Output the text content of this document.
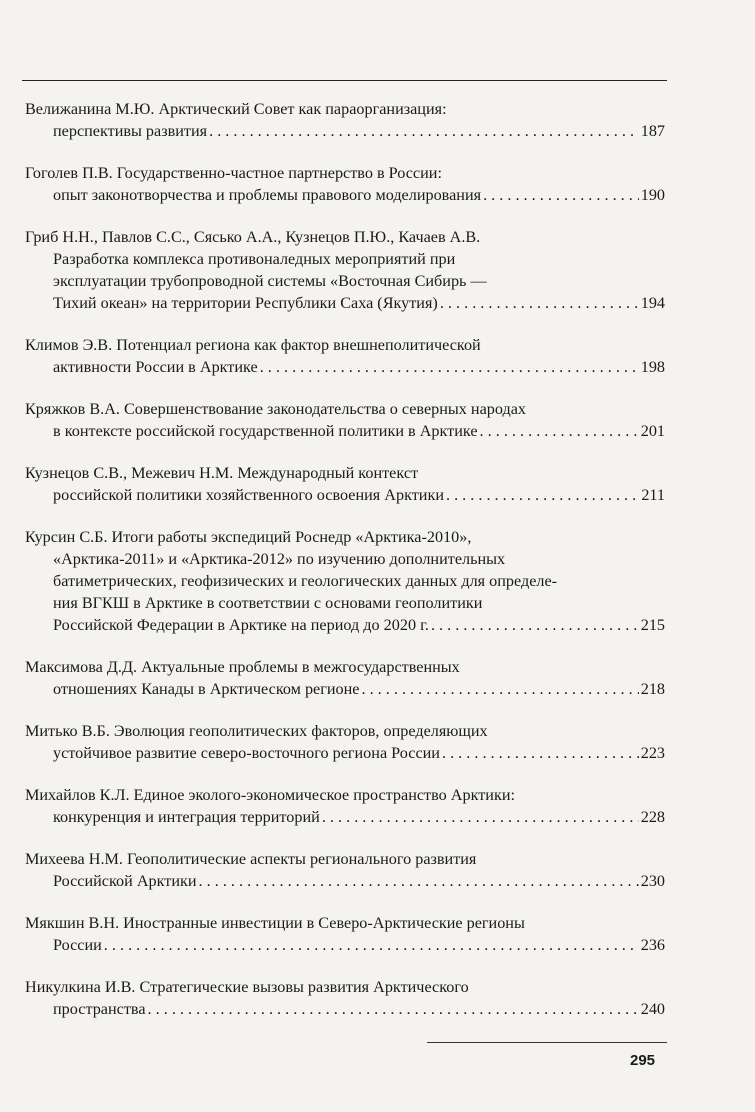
Велижанина М.Ю. Арктический Совет как параорганизация:
перспективы развития . . .	187
Гоголев П.В. Государственно-частное партнерство в России:
опыт законотворчества и проблемы правового моделирования . . .	190
Гриб Н.Н., Павлов С.С., Сясько А.А., Кузнецов П.Ю., Качаев А.В.
Разработка комплекса противоналедных мероприятий при
эксплуатации трубопроводной системы «Восточная Сибирь —
Тихий океан» на территории Республики Саха (Якутия) . . .	194
Климов Э.В. Потенциал региона как фактор внешнеполитической
активности России в Арктике . . .	198
Кряжков В.А. Совершенствование законодательства о северных народах
в контексте российской государственной политики в Арктике . . .	201
Кузнецов С.В., Межевич Н.М. Международный контекст
российской политики хозяйственного освоения Арктики . . .	211
Курсин С.Б. Итоги работы экспедиций Роснедр «Арктика-2010»,
«Арктика-2011» и «Арктика-2012» по изучению дополнительных
батиметрических, геофизических и геологических данных для определе-
ния ВГКШ в Арктике в соответствии с основами геополитики
Российской Федерации в Арктике на период до 2020 г. . . .	215
Максимова Д.Д. Актуальные проблемы в межгосударственных
отношениях Канады в Арктическом регионе . . .	218
Митько В.Б. Эволюция геополитических факторов, определяющих
устойчивое развитие северо-восточного региона России . . .	223
Михайлов К.Л. Единое эколого-экономическое пространство Арктики:
конкуренция и интеграция территорий . . .	228
Михеева Н.М. Геополитические аспекты регионального развития
Российской Арктики . . .	230
Мякшин В.Н. Иностранные инвестиции в Северо-Арктические регионы
России . . .	236
Никулкина И.В. Стратегические вызовы развития Арктического
пространства . . .	240
295
